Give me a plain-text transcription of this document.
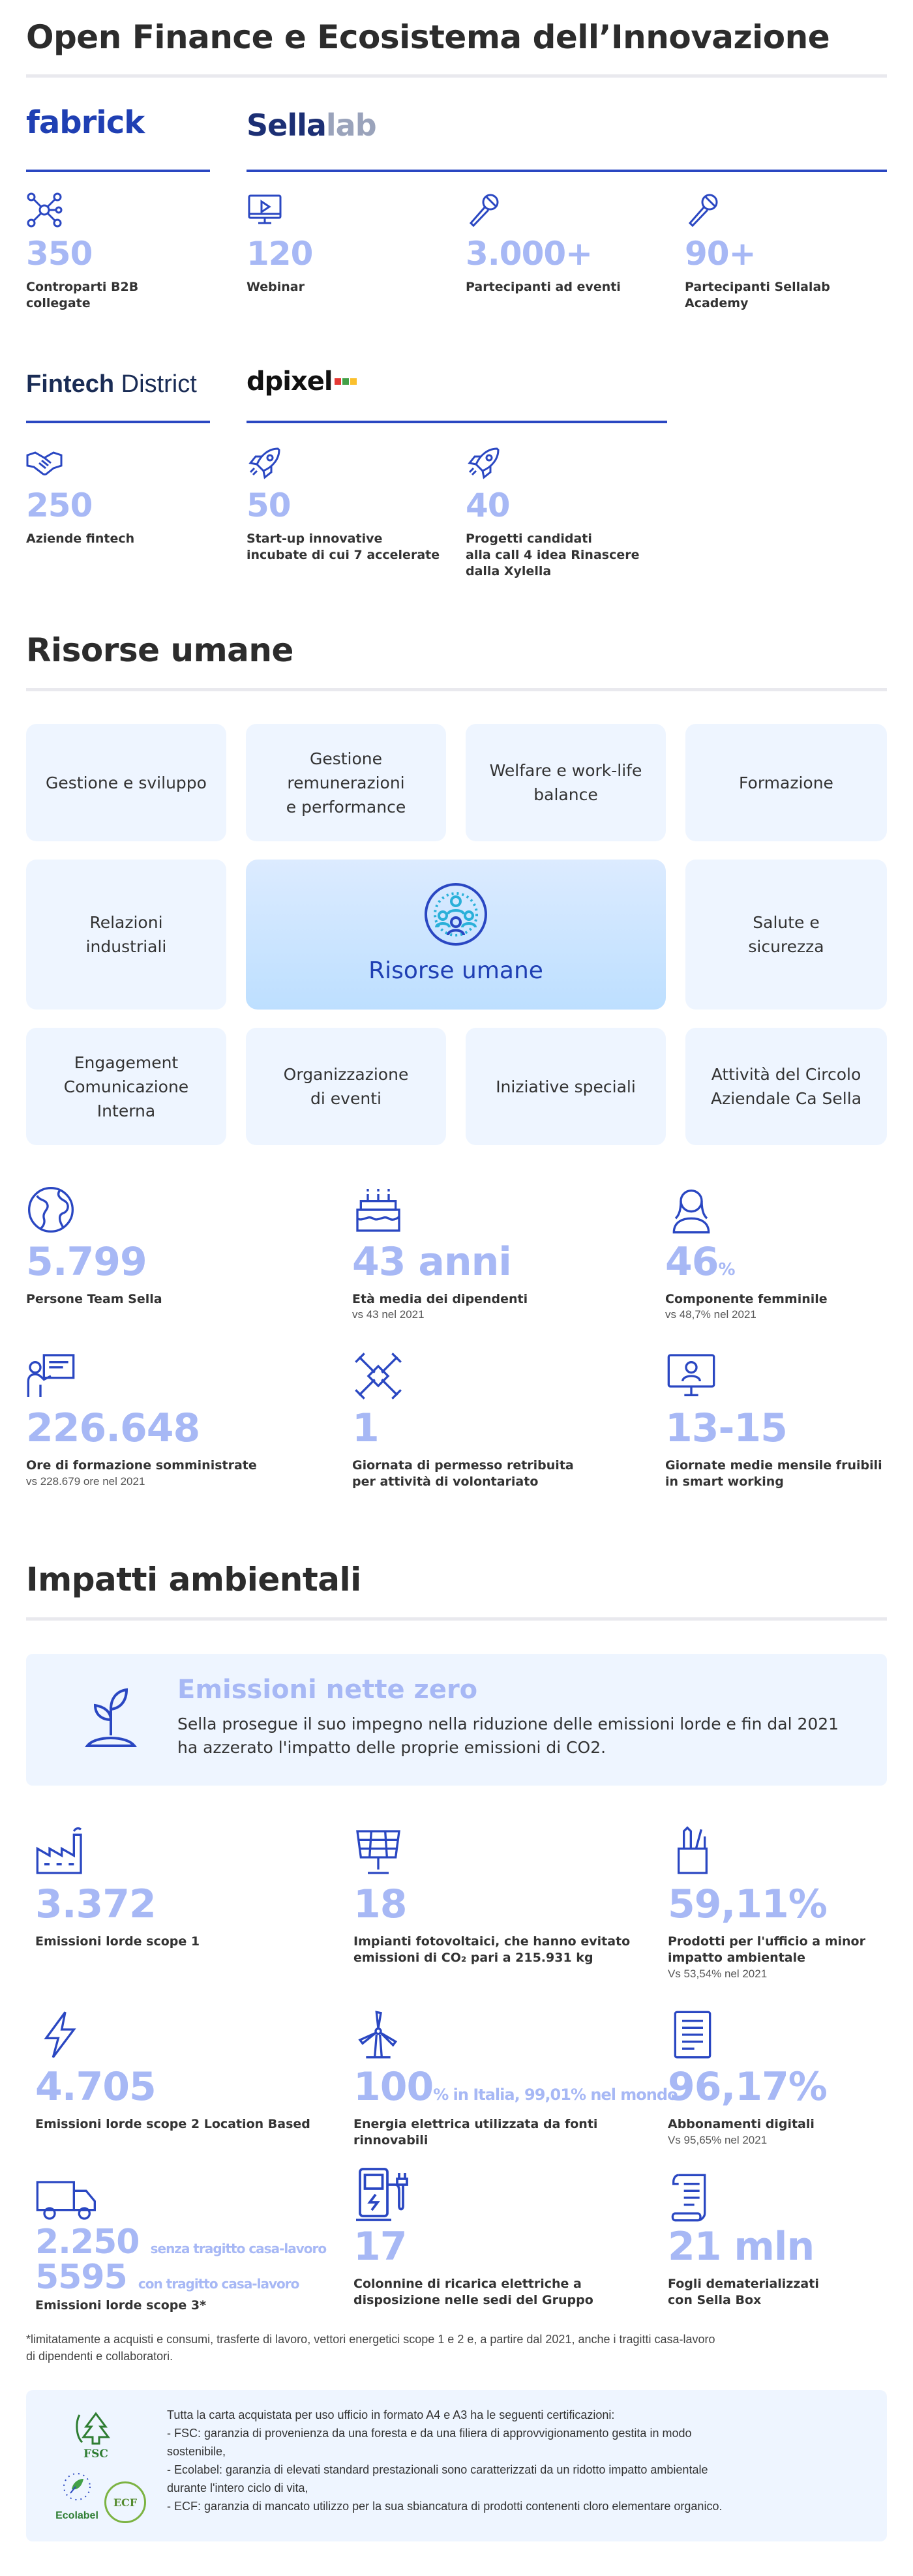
Open Finance e Ecosistema dell’Innovazione
fabrick	Sellalab
350
Controparti B2B
collegate
120
Webinar
3.000+
Partecipanti ad eventi
90+
Partecipanti Sellalab
Academy
Fintech District dpixel
250
Aziende fintech
50
Start-up innovative
incubate di cui 7 accelerate
40
Progetti candidati
alla call 4 idea Rinascere
dalla Xylella
Risorse umane
Gestione e sviluppo
Gestione
remunerazioni
e performance
Welfare e work-life
balance
Formazione
Relazioni
industriali
Risorse umane
Salute e
sicurezza
Engagement
Comunicazione
Interna
Organizzazione
di eventi
Iniziative speciali
Attività del Circolo
Aziendale Ca Sella
5.799
Persone Team Sella
43 anni
Età media dei dipendenti
vs 43 nel 2021
46%
Componente femminile
vs 48,7% nel 2021
226.648
Ore di formazione somministrate
vs 228.679 ore nel 2021
1
Giornata di permesso retribuita
per attività di volontariato
13-15
Giornate medie mensile fruibili
in smart working
Impatti ambientali
Emissioni nette zero
Sella prosegue il suo impegno nella riduzione delle emissioni lorde e fin dal 2021
ha azzerato l'impatto delle proprie emissioni di CO2.
3.372
Emissioni lorde scope 1
18
Impianti fotovoltaici, che hanno evitato
emissioni di CO₂ pari a 215.931 kg
59,11%
Prodotti per l'ufficio a minor
impatto ambientale
Vs 53,54% nel 2021
4.705
Emissioni lorde scope 2 Location Based
100% in Italia, 99,01% nel mondo
Energia elettrica utilizzata da fonti
rinnovabili
96,17%
Abbonamenti digitali
Vs 95,65% nel 2021
2.250 senza tragitto casa-lavoro
5595 con tragitto casa-lavoro
Emissioni lorde scope 3*
17
Colonnine di ricarica elettriche a
disposizione nelle sedi del Gruppo
21 mln
Fogli dematerializzati
con Sella Box
*limitatamente a acquisti e consumi, trasferte di lavoro, vettori energetici scope 1 e 2 e, a partire dal 2021, anche i tragitti casa-lavoro
di dipendenti e collaboratori.
FSC
Ecolabel
ECF
Tutta la carta acquistata per uso ufficio in formato A4 e A3 ha le seguenti certificazioni:
- FSC: garanzia di provenienza da una foresta e da una filiera di approvvigionamento gestita in modo
sostenibile,
- Ecolabel: garanzia di elevati standard prestazionali sono caratterizzati da un ridotto impatto ambientale
durante l'intero ciclo di vita,
- ECF: garanzia di mancato utilizzo per la sua sbiancatura di prodotti contenenti cloro elementare organico.
